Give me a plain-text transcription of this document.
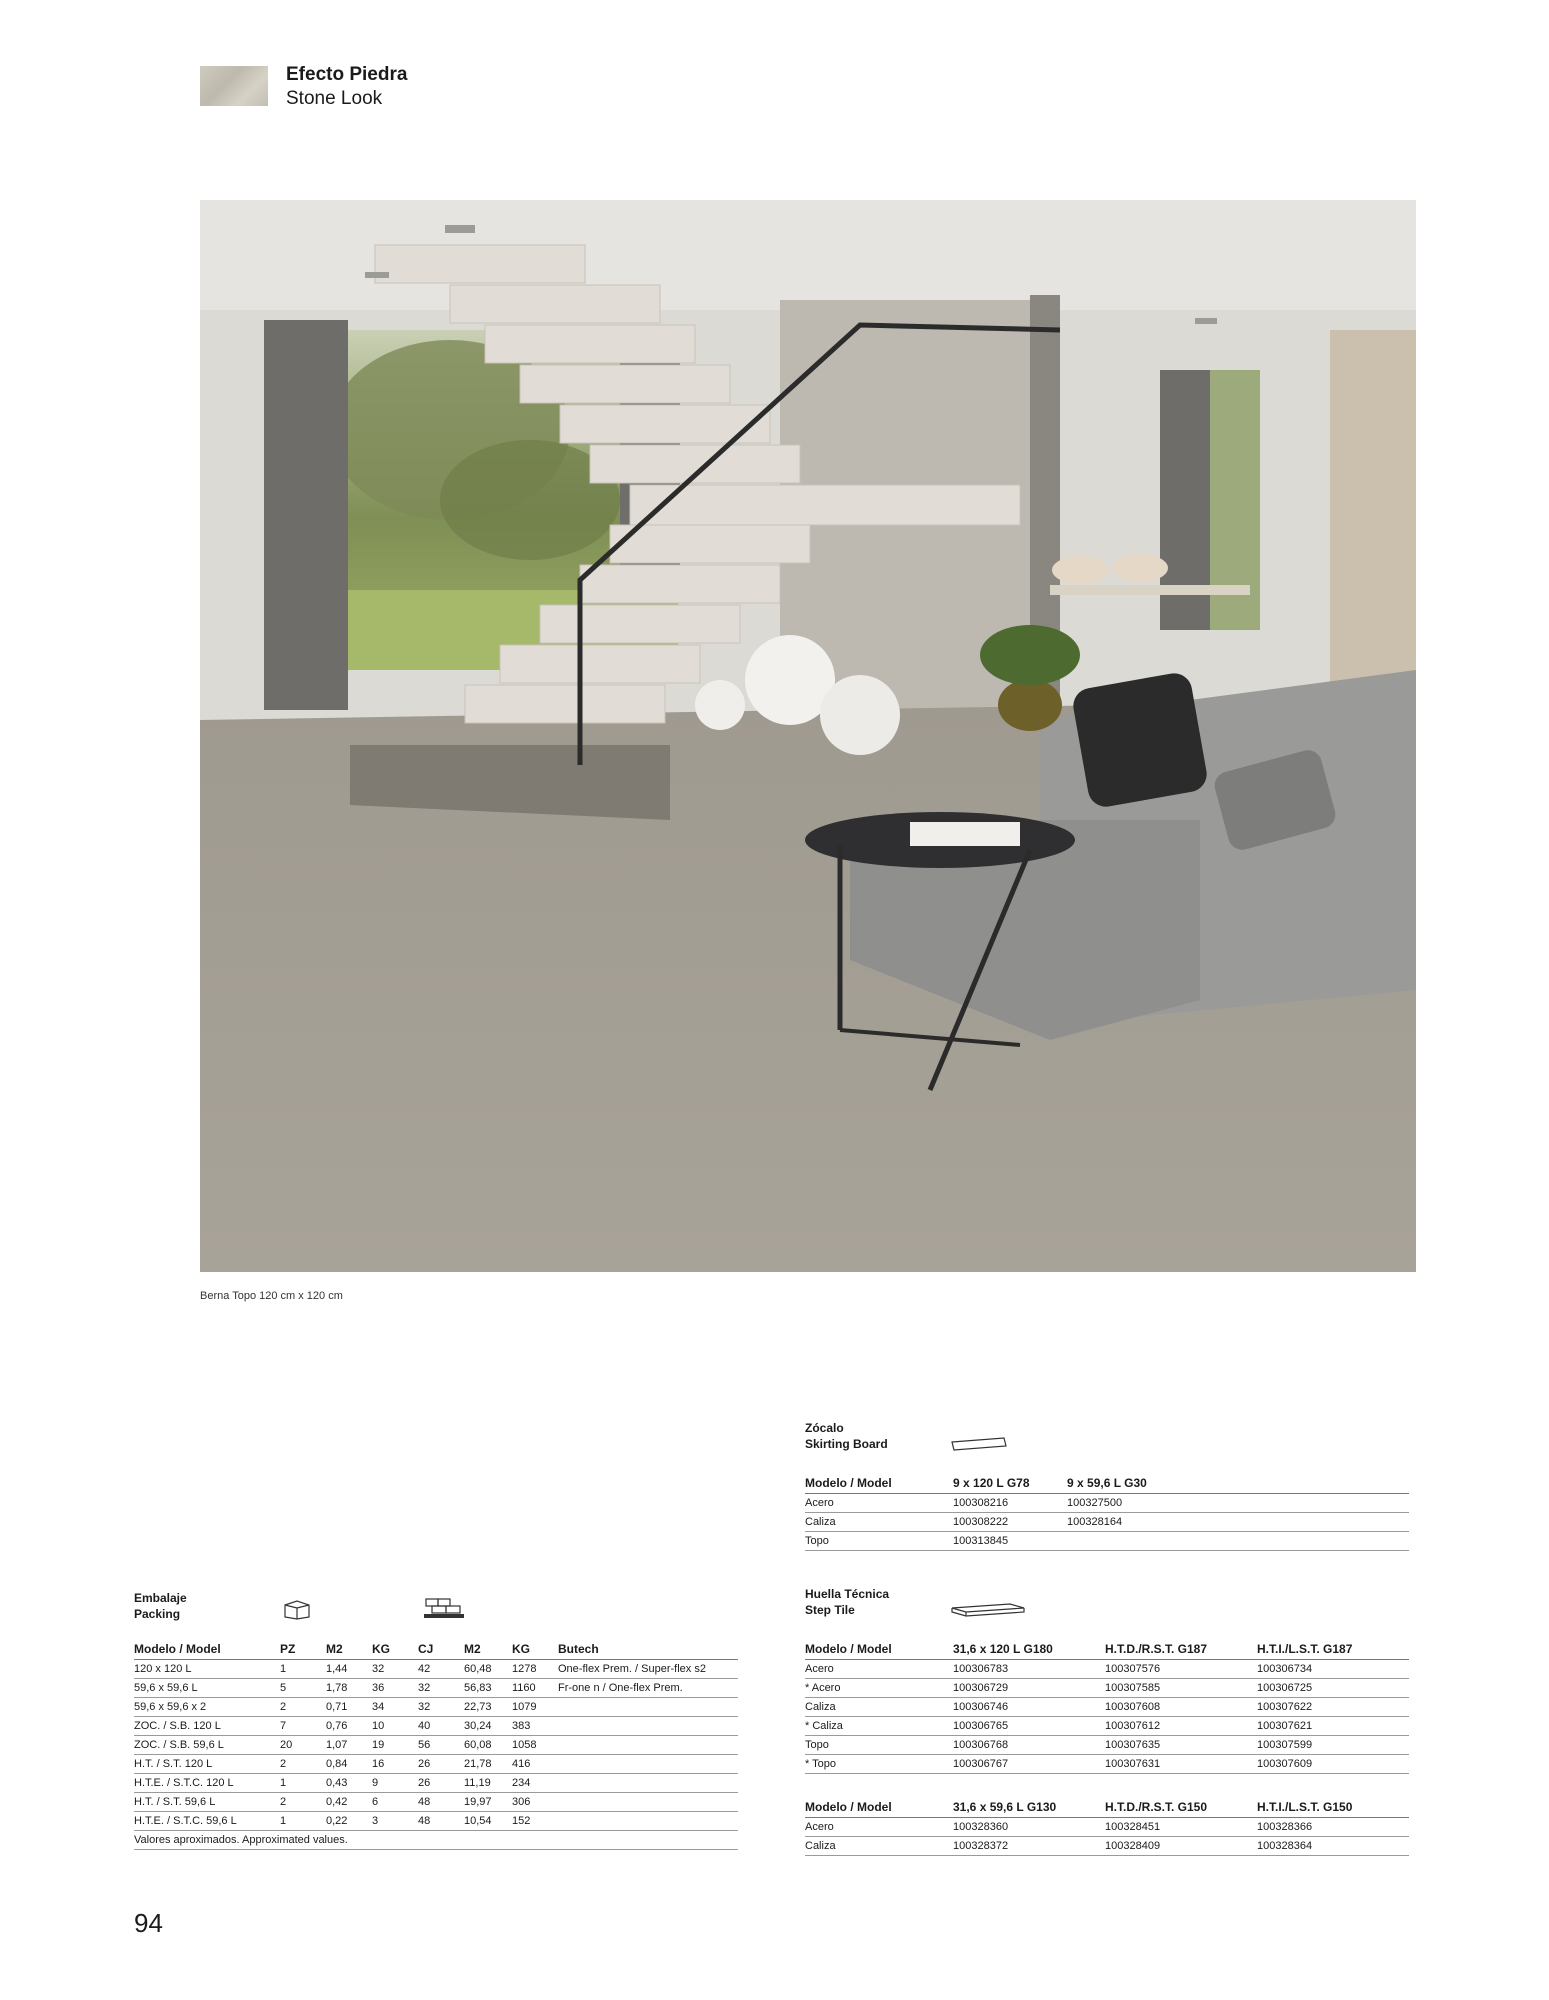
Efecto Piedra
Stone Look
Berna Topo 120 cm x 120 cm
Embalaje
Packing
Modelo / Model	PZ	M2	KG	CJ	M2	KG	Butech
120 x 120 L	1	1,44	32	42	60,48	1278	One-flex Prem. / Super-flex s2
59,6 x 59,6 L	5	1,78	36	32	56,83	1160	Fr-one n / One-flex Prem.
59,6 x 59,6 x 2	2	0,71	34	32	22,73	1079	
ZOC. / S.B. 120 L	7	0,76	10	40	30,24	383	
ZOC. / S.B. 59,6 L	20	1,07	19	56	60,08	1058	
H.T. / S.T. 120 L	2	0,84	16	26	21,78	416	
H.T.E. / S.T.C. 120 L	1	0,43	9	26	11,19	234	
H.T. / S.T. 59,6 L	2	0,42	6	48	19,97	306	
H.T.E. / S.T.C. 59,6 L	1	0,22	3	48	10,54	152	
Valores aproximados. Approximated values.							
Zócalo
Skirting Board
Modelo / Model	9 x 120 L G78	9 x 59,6 L G30
Acero	100308216	100327500
Caliza	100308222	100328164
Topo	100313845	
Huella Técnica
Step Tile
Modelo / Model	31,6 x 120 L G180	H.T.D./R.S.T. G187	H.T.I./L.S.T. G187
Acero	100306783	100307576	100306734
* Acero	100306729	100307585	100306725
Caliza	100306746	100307608	100307622
* Caliza	100306765	100307612	100307621
Topo	100306768	100307635	100307599
* Topo	100306767	100307631	100307609
Modelo / Model	31,6 x 59,6 L G130	H.T.D./R.S.T. G150	H.T.I./L.S.T. G150
Acero	100328360	100328451	100328366
Caliza	100328372	100328409	100328364
94
